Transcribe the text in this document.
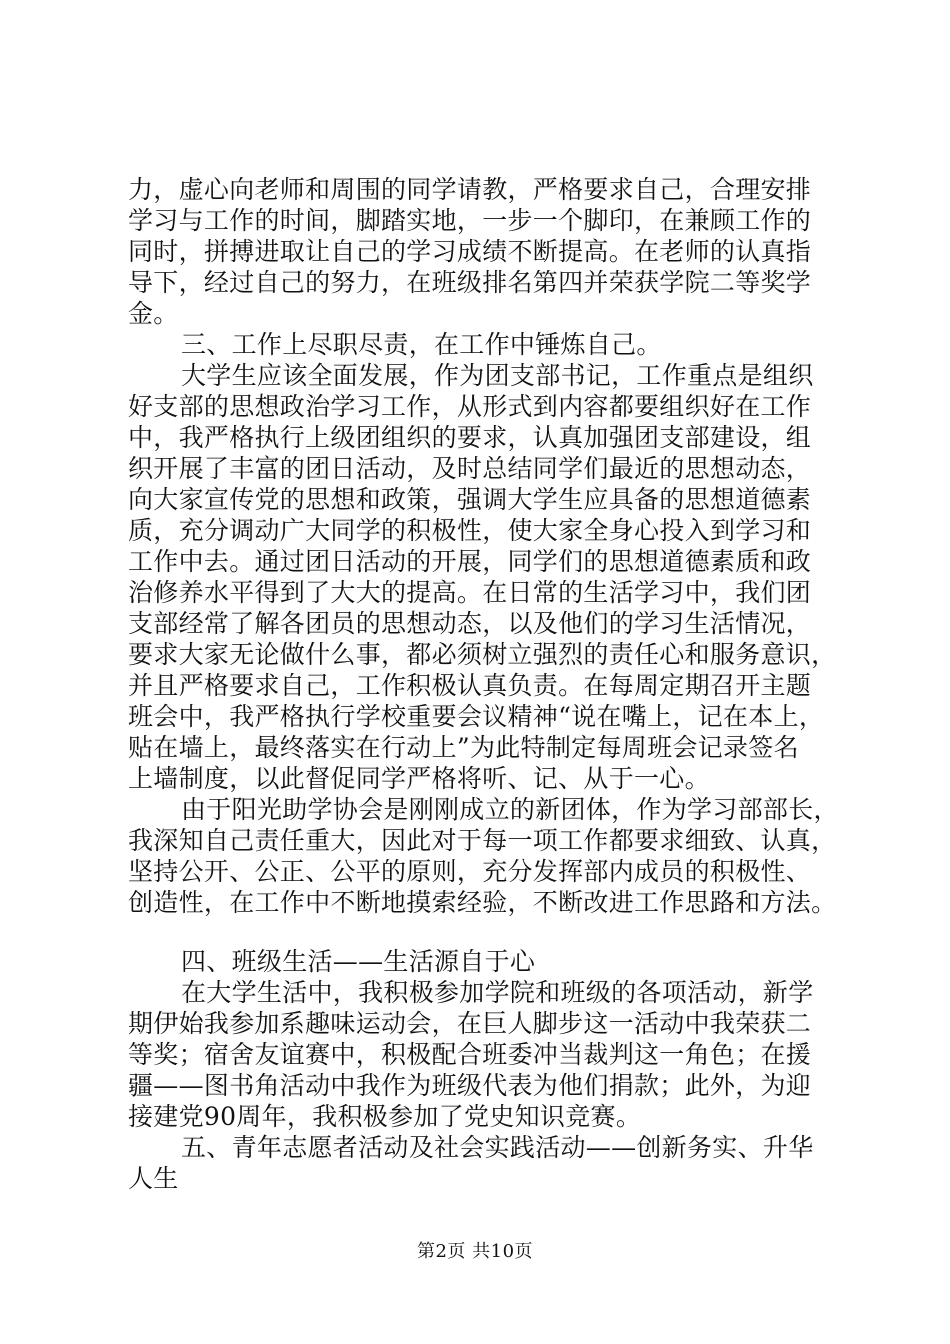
力，虚心向老师和周围的同学请教，严格要求自己，合理安排
学习与工作的时间，脚踏实地，一步一个脚印，在兼顾工作的
同时，拼搏进取让自己的学习成绩不断提高。在老师的认真指
导下，经过自己的努力，在班级排名第四并荣获学院二等奖学
金。
三、工作上尽职尽责，在工作中锤炼自己。
大学生应该全面发展，作为团支部书记，工作重点是组织
好支部的思想政治学习工作，从形式到内容都要组织好在工作
中，我严格执行上级团组织的要求，认真加强团支部建设，组
织开展了丰富的团日活动，及时总结同学们最近的思想动态，
向大家宣传党的思想和政策，强调大学生应具备的思想道德素
质，充分调动广大同学的积极性，使大家全身心投入到学习和
工作中去。通过团日活动的开展，同学们的思想道德素质和政
治修养水平得到了大大的提高。在日常的生活学习中，我们团
支部经常了解各团员的思想动态，以及他们的学习生活情况，
要求大家无论做什么事，都必须树立强烈的责任心和服务意识，
并且严格要求自己，工作积极认真负责。在每周定期召开主题
班会中，我严格执行学校重要会议精神“说在嘴上，记在本上，
贴在墙上，最终落实在行动上”为此特制定每周班会记录签名
上墙制度，以此督促同学严格将听、记、从于一心。
由于阳光助学协会是刚刚成立的新团体，作为学习部部长，
我深知自己责任重大，因此对于每一项工作都要求细致、认真，
坚持公开、公正、公平的原则，充分发挥部内成员的积极性、
创造性，在工作中不断地摸索经验，不断改进工作思路和方法。
四、班级生活——生活源自于心
在大学生活中，我积极参加学院和班级的各项活动，新学
期伊始我参加系趣味运动会，在巨人脚步这一活动中我荣获二
等奖；宿舍友谊赛中，积极配合班委冲当裁判这一角色；在援
疆——图书角活动中我作为班级代表为他们捐款；此外，为迎
接建党90周年，我积极参加了党史知识竞赛。
五、青年志愿者活动及社会实践活动——创新务实、升华
人生
第2页 共10页
